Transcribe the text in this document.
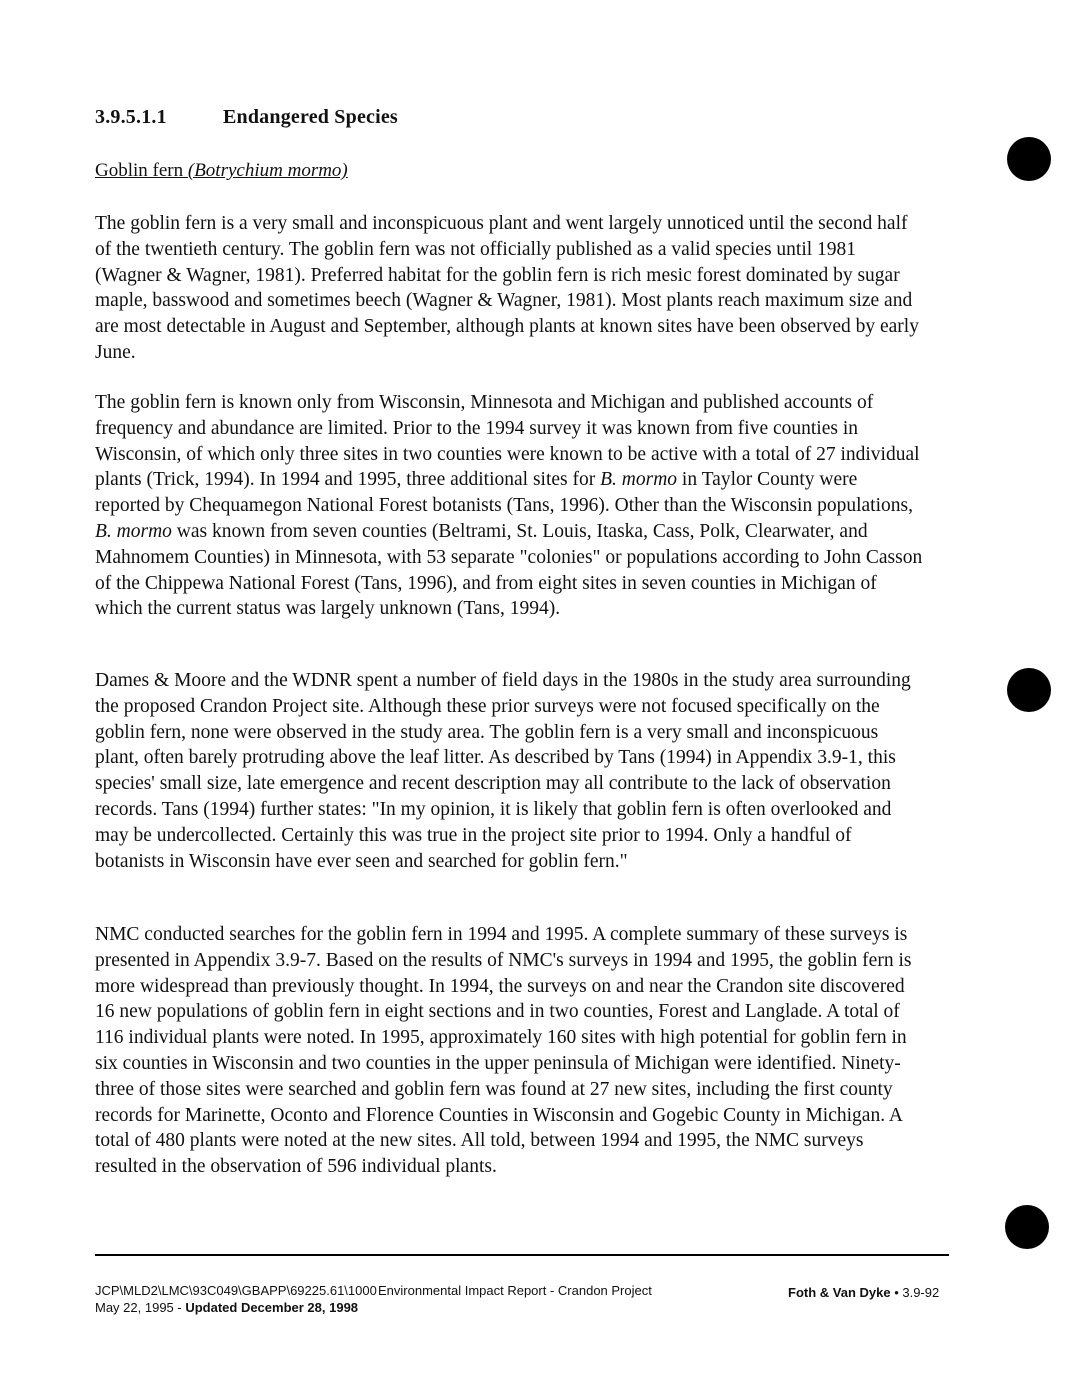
3.9.5.1.1	Endangered Species
Goblin fern (Botrychium mormo)

The goblin fern is a very small and inconspicuous plant and went largely unnoticed until the second half of the twentieth century. The goblin fern was not officially published as a valid species until 1981 (Wagner & Wagner, 1981). Preferred habitat for the goblin fern is rich mesic forest dominated by sugar maple, basswood and sometimes beech (Wagner & Wagner, 1981). Most plants reach maximum size and are most detectable in August and September, although plants at known sites have been observed by early June.

The goblin fern is known only from Wisconsin, Minnesota and Michigan and published accounts of frequency and abundance are limited. Prior to the 1994 survey it was known from five counties in Wisconsin, of which only three sites in two counties were known to be active with a total of 27 individual plants (Trick, 1994). In 1994 and 1995, three additional sites for B. mormo in Taylor County were reported by Chequamegon National Forest botanists (Tans, 1996). Other than the Wisconsin populations, B. mormo was known from seven counties (Beltrami, St. Louis, Itaska, Cass, Polk, Clearwater, and Mahnomem Counties) in Minnesota, with 53 separate "colonies" or populations according to John Casson of the Chippewa National Forest (Tans, 1996), and from eight sites in seven counties in Michigan of which the current status was largely unknown (Tans, 1994).

Dames & Moore and the WDNR spent a number of field days in the 1980s in the study area surrounding the proposed Crandon Project site. Although these prior surveys were not focused specifically on the goblin fern, none were observed in the study area. The goblin fern is a very small and inconspicuous plant, often barely protruding above the leaf litter. As described by Tans (1994) in Appendix 3.9-1, this species' small size, late emergence and recent description may all contribute to the lack of observation records. Tans (1994) further states: "In my opinion, it is likely that goblin fern is often overlooked and may be undercollected. Certainly this was true in the project site prior to 1994. Only a handful of botanists in Wisconsin have ever seen and searched for goblin fern."

NMC conducted searches for the goblin fern in 1994 and 1995. A complete summary of these surveys is presented in Appendix 3.9-7. Based on the results of NMC's surveys in 1994 and 1995, the goblin fern is more widespread than previously thought. In 1994, the surveys on and near the Crandon site discovered 16 new populations of goblin fern in eight sections and in two counties, Forest and Langlade. A total of 116 individual plants were noted. In 1995, approximately 160 sites with high potential for goblin fern in six counties in Wisconsin and two counties in the upper peninsula of Michigan were identified. Ninety-three of those sites were searched and goblin fern was found at 27 new sites, including the first county records for Marinette, Oconto and Florence Counties in Wisconsin and Gogebic County in Michigan. A total of 480 plants were noted at the new sites. All told, between 1994 and 1995, the NMC surveys resulted in the observation of 596 individual plants.

JCP\MLD2\LMC\93C049\GBAPP\69225.61\1000
May 22, 1995 - Updated December 28, 1998
Environmental Impact Report - Crandon Project	Foth & Van Dyke • 3.9-92
